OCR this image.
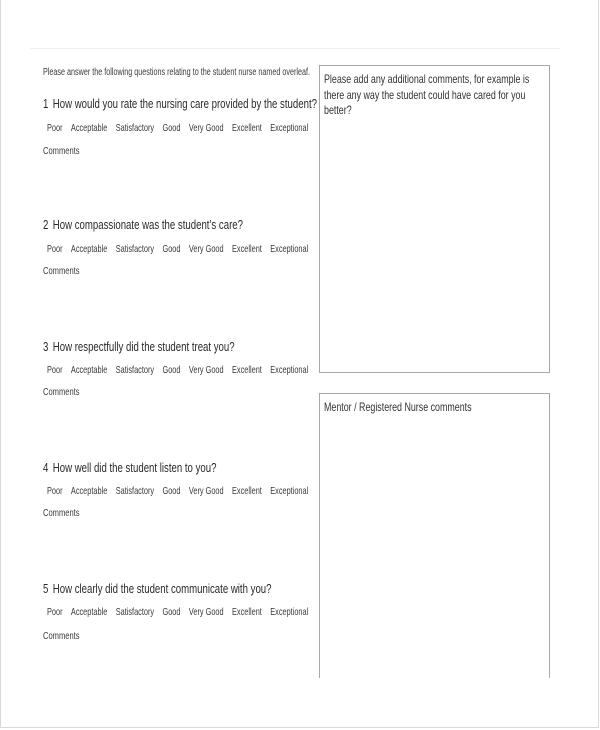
Please answer the following questions relating to the student nurse named overleaf.
1 How would you rate the nursing care provided by the student?
Poor Acceptable Satisfactory Good Very Good Excellent Exceptional
Comments
2 How compassionate was the student’s care?
Poor Acceptable Satisfactory Good Very Good Excellent Exceptional
Comments
3 How respectfully did the student treat you?
Poor Acceptable Satisfactory Good Very Good Excellent Exceptional
Comments
4 How well did the student listen to you?
Poor Acceptable Satisfactory Good Very Good Excellent Exceptional
Comments
5 How clearly did the student communicate with you?
Poor Acceptable Satisfactory Good Very Good Excellent Exceptional
Comments
Please add any additional comments, for example is there any way the student could have cared for you better?
Mentor / Registered Nurse comments
